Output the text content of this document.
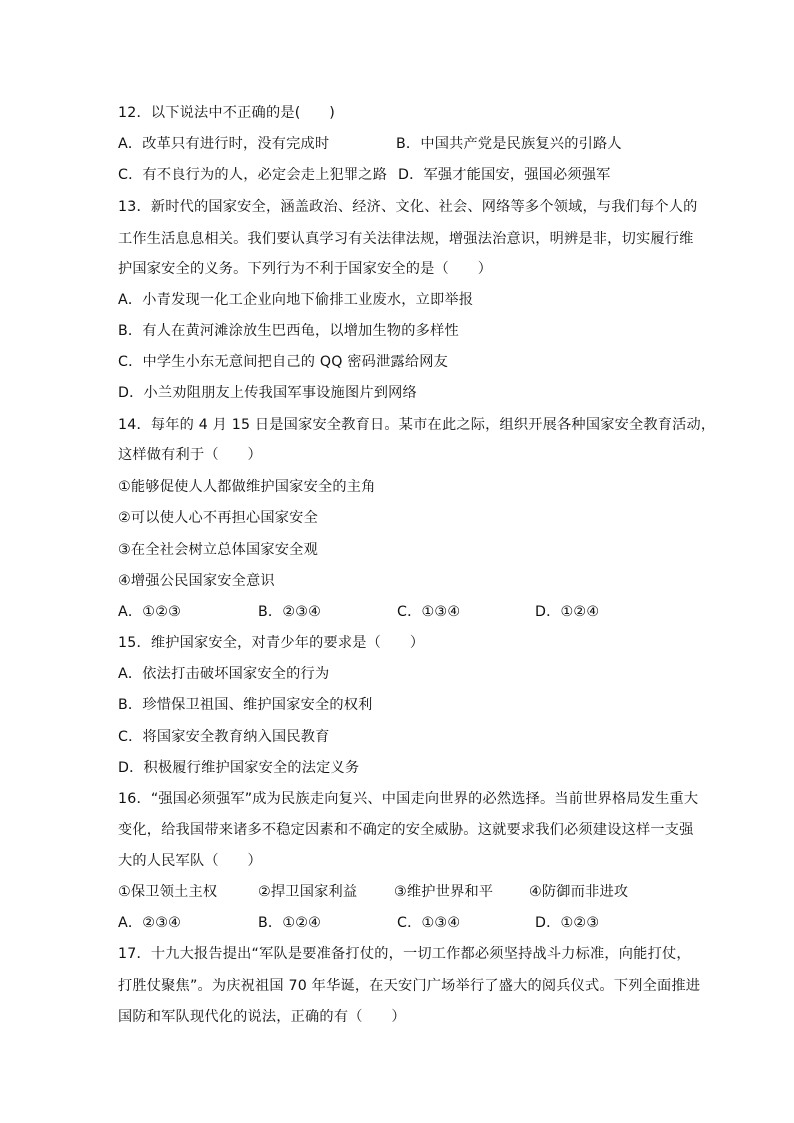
12．以下说法中不正确的是(　　)
A．改革只有进行时，没有完成时	B．中国共产党是民族复兴的引路人
C．有不良行为的人，必定会走上犯罪之路 D．军强才能国安，强国必须强军
13．新时代的国家安全，涵盖政治、经济、文化、社会、网络等多个领域，与我们每个人的
工作生活息息相关。我们要认真学习有关法律法规，增强法治意识，明辨是非，切实履行维
护国家安全的义务。下列行为不利于国家安全的是（　　）
A．小青发现一化工企业向地下偷排工业废水，立即举报
B．有人在黄河滩涂放生巴西龟，以增加生物的多样性
C．中学生小东无意间把自己的 QQ 密码泄露给网友
D．小兰劝阻朋友上传我国军事设施图片到网络
14．每年的 4 月 15 日是国家安全教育日。某市在此之际，组织开展各种国家安全教育活动，
这样做有利于（　　）
①能够促使人人都做维护国家安全的主角
②可以使人心不再担心国家安全
③在全社会树立总体国家安全观
④增强公民国家安全意识
A．①②③	B．②③④	C．①③④	D．①②④
15．维护国家安全，对青少年的要求是（　　）
A．依法打击破坏国家安全的行为
B．珍惜保卫祖国、维护国家安全的权利
C．将国家安全教育纳入国民教育
D．积极履行维护国家安全的法定义务
16．“强国必须强军”成为民族走向复兴、中国走向世界的必然选择。当前世界格局发生重大
变化，给我国带来诸多不稳定因素和不确定的安全威胁。这就要求我们必须建设这样一支强
大的人民军队（　　）
①保卫领土主权	②捍卫国家利益	③维护世界和平	④防御而非进攻
A．②③④	B．①②④	C．①③④	D．①②③
17．十九大报告提出“军队是要准备打仗的，一切工作都必须坚持战斗力标准，向能打仗，
打胜仗聚焦”。为庆祝祖国 70 年华诞，在天安门广场举行了盛大的阅兵仪式。下列全面推进
国防和军队现代化的说法，正确的有（　　）
